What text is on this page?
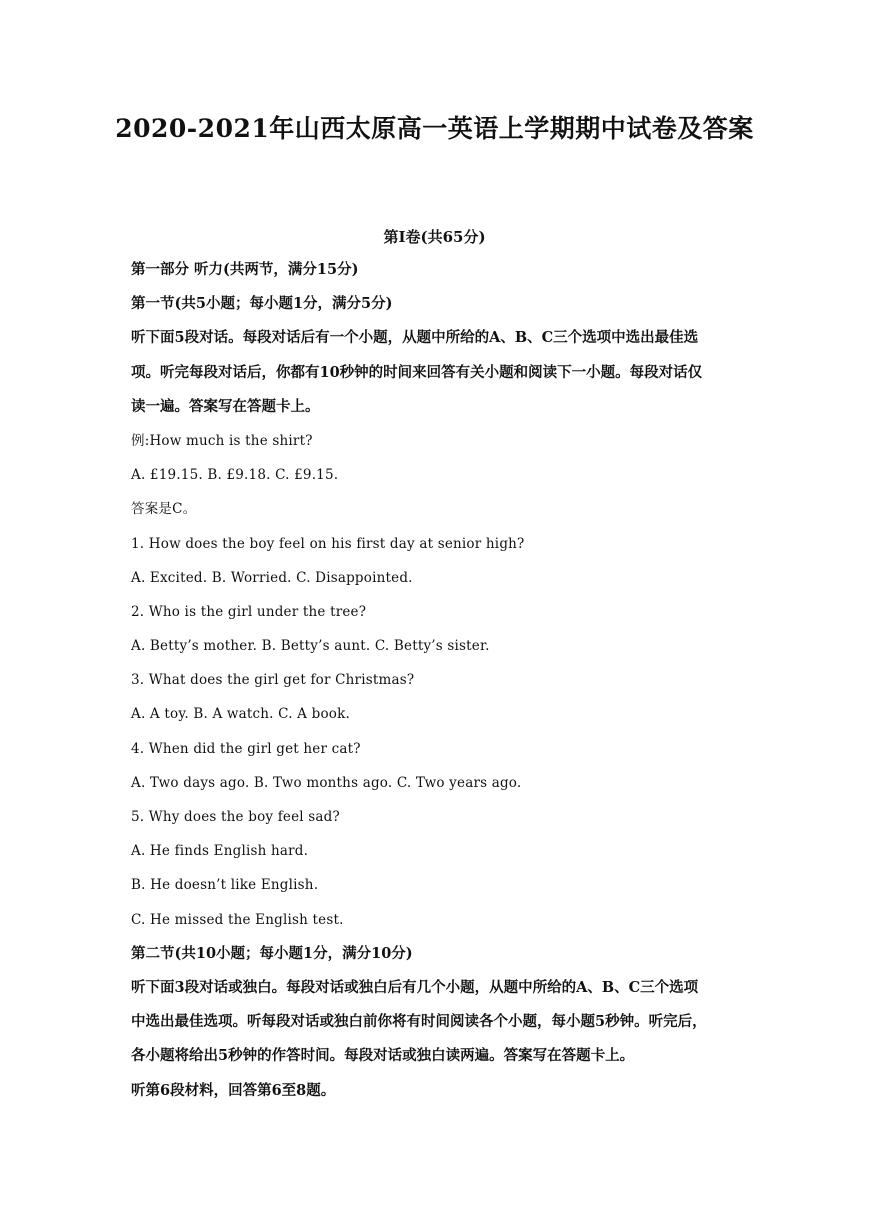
2020-2021年山西太原高一英语上学期期中试卷及答案
第Ⅰ卷(共65分)
第一部分 听力(共两节，满分15分)
第一节(共5小题；每小题1分，满分5分)
听下面5段对话。每段对话后有一个小题，从题中所给的A、B、C三个选项中选出最佳选
项。听完每段对话后，你都有10秒钟的时间来回答有关小题和阅读下一小题。每段对话仅
读一遍。答案写在答题卡上。
例:How much is the shirt?
A. £19.15. B. £9.18. C. £9.15.
答案是C。
1. How does the boy feel on his first day at senior high?
A. Excited. B. Worried. C. Disappointed.
2. Who is the girl under the tree?
A. Betty’s mother. B. Betty’s aunt. C. Betty’s sister.
3. What does the girl get for Christmas?
A. A toy. B. A watch. C. A book.
4. When did the girl get her cat?
A. Two days ago. B. Two months ago. C. Two years ago.
5. Why does the boy feel sad?
A. He finds English hard.
B. He doesn’t like English.
C. He missed the English test.
第二节(共10小题；每小题1分，满分10分)
听下面3段对话或独白。每段对话或独白后有几个小题，从题中所给的A、B、C三个选项
中选出最佳选项。听每段对话或独白前你将有时间阅读各个小题，每小题5秒钟。听完后，
各小题将给出5秒钟的作答时间。每段对话或独白读两遍。答案写在答题卡上。
听第6段材料，回答第6至8题。
